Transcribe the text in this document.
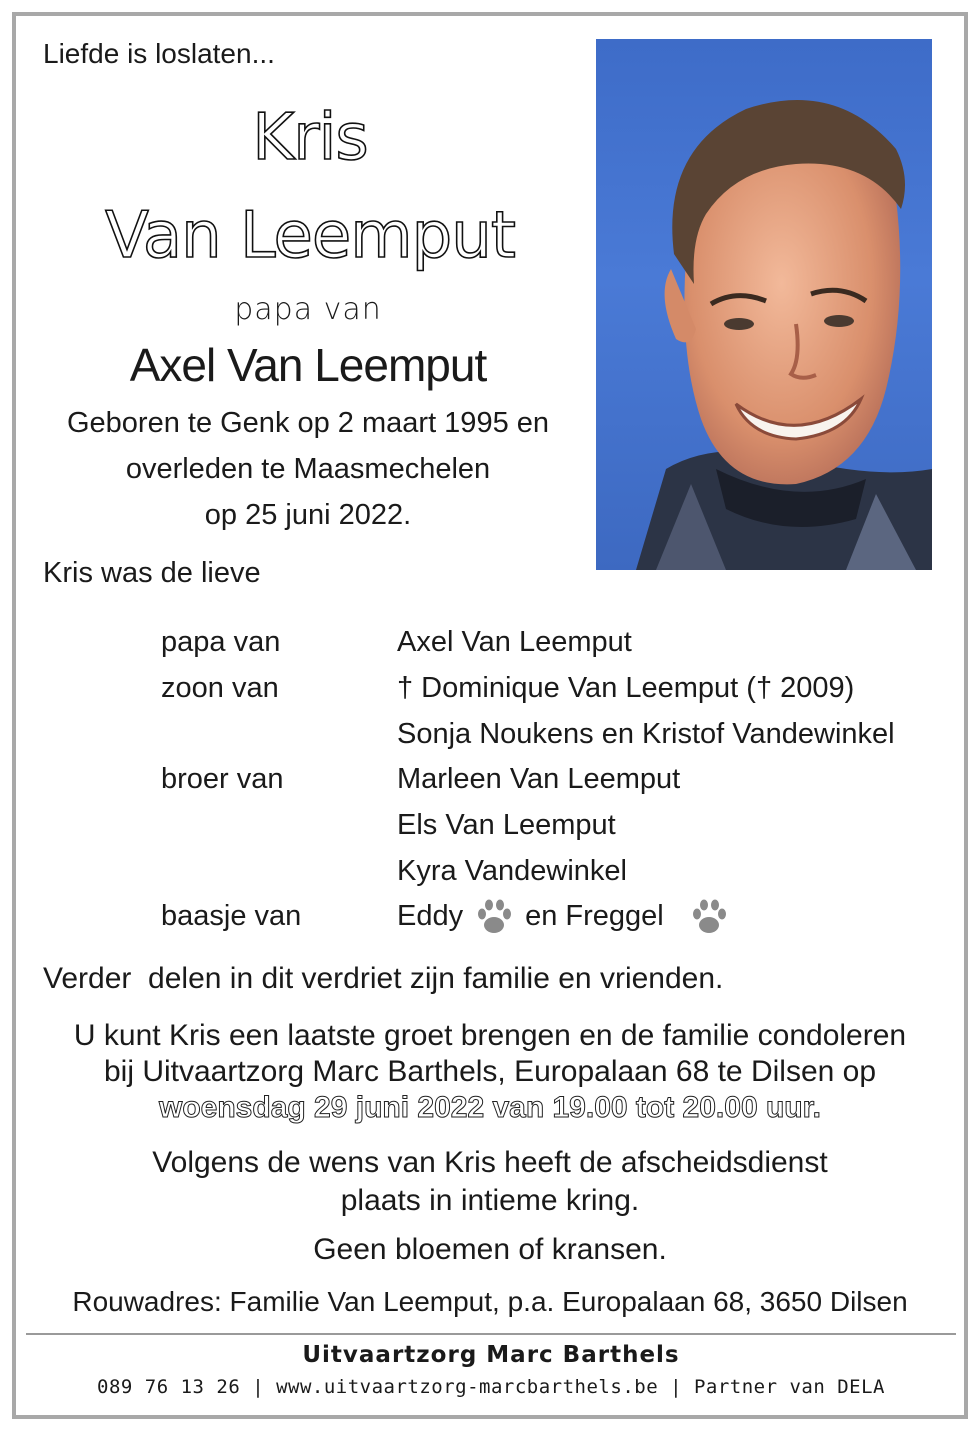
Liefde is loslaten...
Kris
Van Leemput
papa van
Axel Van Leemput
Geboren te Genk op 2 maart 1995 en
overleden te Maasmechelen
op 25 juni 2022.
Kris was de lieve
papa van	Axel Van Leemput
zoon van	† Dominique Van Leemput († 2009)
Sonja Noukens en Kristof Vandewinkel
broer van	Marleen Van Leemput
Els Van Leemput
Kyra Vandewinkel
baasje van	Eddy en Freggel
Verder  delen in dit verdriet zijn familie en vrienden.
U kunt Kris een laatste groet brengen en de familie condoleren
bij Uitvaartzorg Marc Barthels, Europalaan 68 te Dilsen op
woensdag 29 juni 2022 van 19.00 tot 20.00 uur.
Volgens de wens van Kris heeft de afscheidsdienst
plaats in intieme kring.
Geen bloemen of kransen.
Rouwadres: Familie Van Leemput, p.a. Europalaan 68, 3650 Dilsen
Uitvaartzorg Marc Barthels
089 76 13 26 | www.uitvaartzorg-marcbarthels.be | Partner van DELA
